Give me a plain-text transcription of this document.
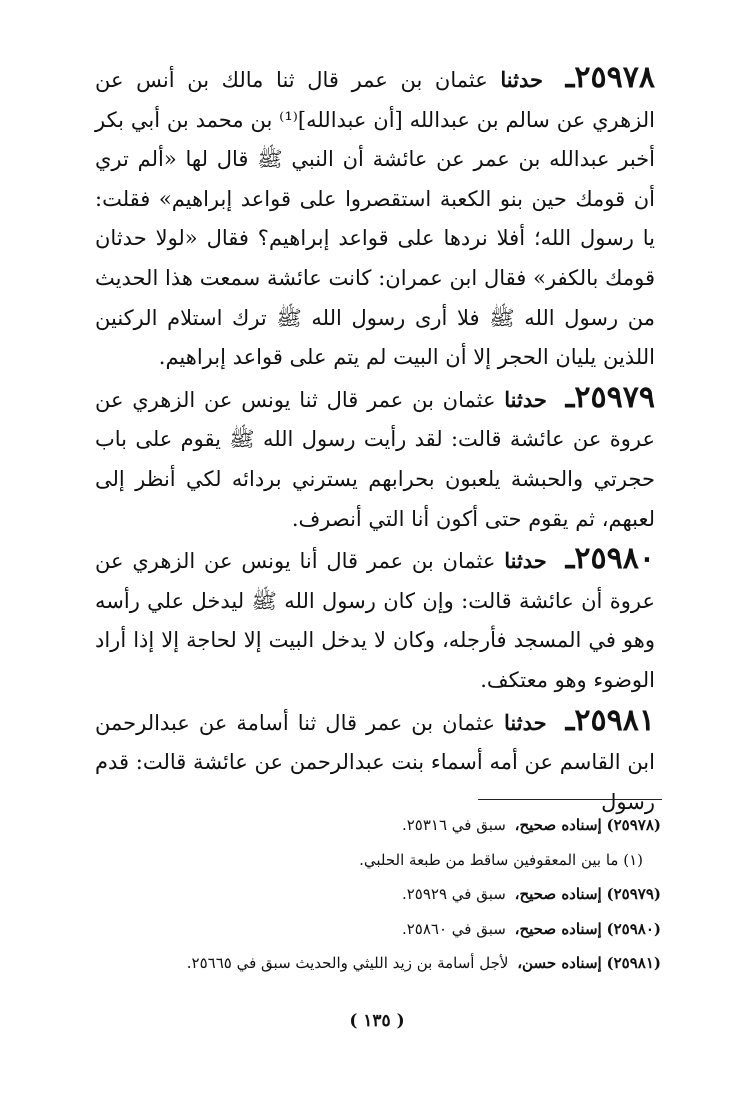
٢٥٩٧٨ـ حدثنا عثمان بن عمر قال ثنا مالك بن أنس عن الزهري عن سالم بن عبدالله [أن عبدالله]⁽¹⁾ بن محمد بن أبي بكر أخبر عبدالله بن عمر عن عائشة أن النبي ﷺ قال لها «ألم تري أن قومك حين بنو الكعبة استقصروا على قواعد إبراهيم» فقلت: يا رسول الله؛ أفلا نردها على قواعد إبراهيم؟ فقال «لولا حدثان قومك بالكفر» فقال ابن عمران: كانت عائشة سمعت هذا الحديث من رسول الله ﷺ فلا أرى رسول الله ﷺ ترك استلام الركنين اللذين يليان الحجر إلا أن البيت لم يتم على قواعد إبراهيم.

٢٥٩٧٩ـ حدثنا عثمان بن عمر قال ثنا يونس عن الزهري عن عروة عن عائشة قالت: لقد رأيت رسول الله ﷺ يقوم على باب حجرتي والحبشة يلعبون بحرابهم يسترني بردائه لكي أنظر إلى لعبهم، ثم يقوم حتى أكون أنا التي أنصرف.

٢٥٩٨٠ـ حدثنا عثمان بن عمر قال أنا يونس عن الزهري عن عروة أن عائشة قالت: وإن كان رسول الله ﷺ ليدخل علي رأسه وهو في المسجد فأرجله، وكان لا يدخل البيت إلا لحاجة إلا إذا أراد الوضوء وهو معتكف.

٢٥٩٨١ـ حدثنا عثمان بن عمر قال ثنا أسامة عن عبدالرحمن ابن القاسم عن أمه أسماء بنت عبدالرحمن عن عائشة قالت: قدم رسول

(٢٥٩٧٨) إسناده صحيح، سبق في ٢٥٣١٦.

(١) ما بين المعقوفين ساقط من طبعة الحلبي.

(٢٥٩٧٩) إسناده صحيح، سبق في ٢٥٩٢٩.

(٢٥٩٨٠) إسناده صحيح، سبق في ٢٥٨٦٠.

(٢٥٩٨١) إسناده حسن، لأجل أسامة بن زيد الليثي والحديث سبق في ٢٥٦٦٥.

( ١٣٥ )
